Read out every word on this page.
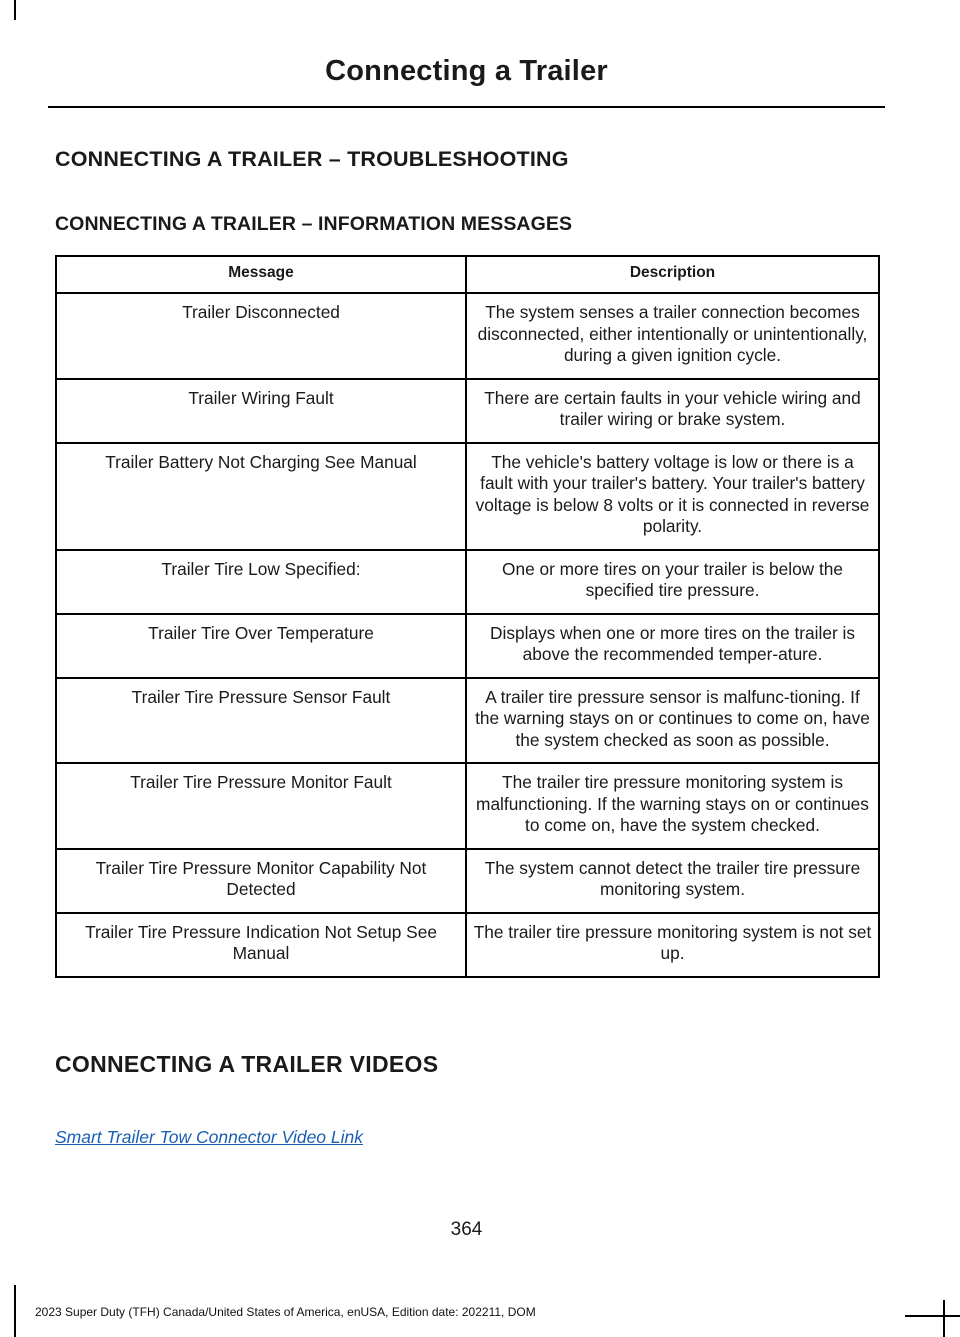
Connecting a Trailer
CONNECTING A TRAILER – TROUBLESHOOTING
CONNECTING A TRAILER – INFORMATION MESSAGES
Message	Description
Trailer Disconnected	The system senses a trailer connection becomes disconnected, either intentionally or unintentionally, during a given ignition cycle.
Trailer Wiring Fault	There are certain faults in your vehicle wiring and trailer wiring or brake system.
Trailer Battery Not Charging See Manual	The vehicle's battery voltage is low or there is a fault with your trailer's battery. Your trailer's battery voltage is below 8 volts or it is connected in reverse polarity.
Trailer Tire Low Specified:	One or more tires on your trailer is below the specified tire pressure.
Trailer Tire Over Temperature	Displays when one or more tires on the trailer is above the recommended temper-ature.
Trailer Tire Pressure Sensor Fault	A trailer tire pressure sensor is malfunc-tioning. If the warning stays on or continues to come on, have the system checked as soon as possible.
Trailer Tire Pressure Monitor Fault	The trailer tire pressure monitoring system is malfunctioning. If the warning stays on or continues to come on, have the system checked.
Trailer Tire Pressure Monitor Capability Not Detected	The system cannot detect the trailer tire pressure monitoring system.
Trailer Tire Pressure Indication Not Setup See Manual	The trailer tire pressure monitoring system is not set up.
CONNECTING A TRAILER VIDEOS
Smart Trailer Tow Connector Video Link
364
2023 Super Duty (TFH) Canada/United States of America, enUSA, Edition date: 202211, DOM
